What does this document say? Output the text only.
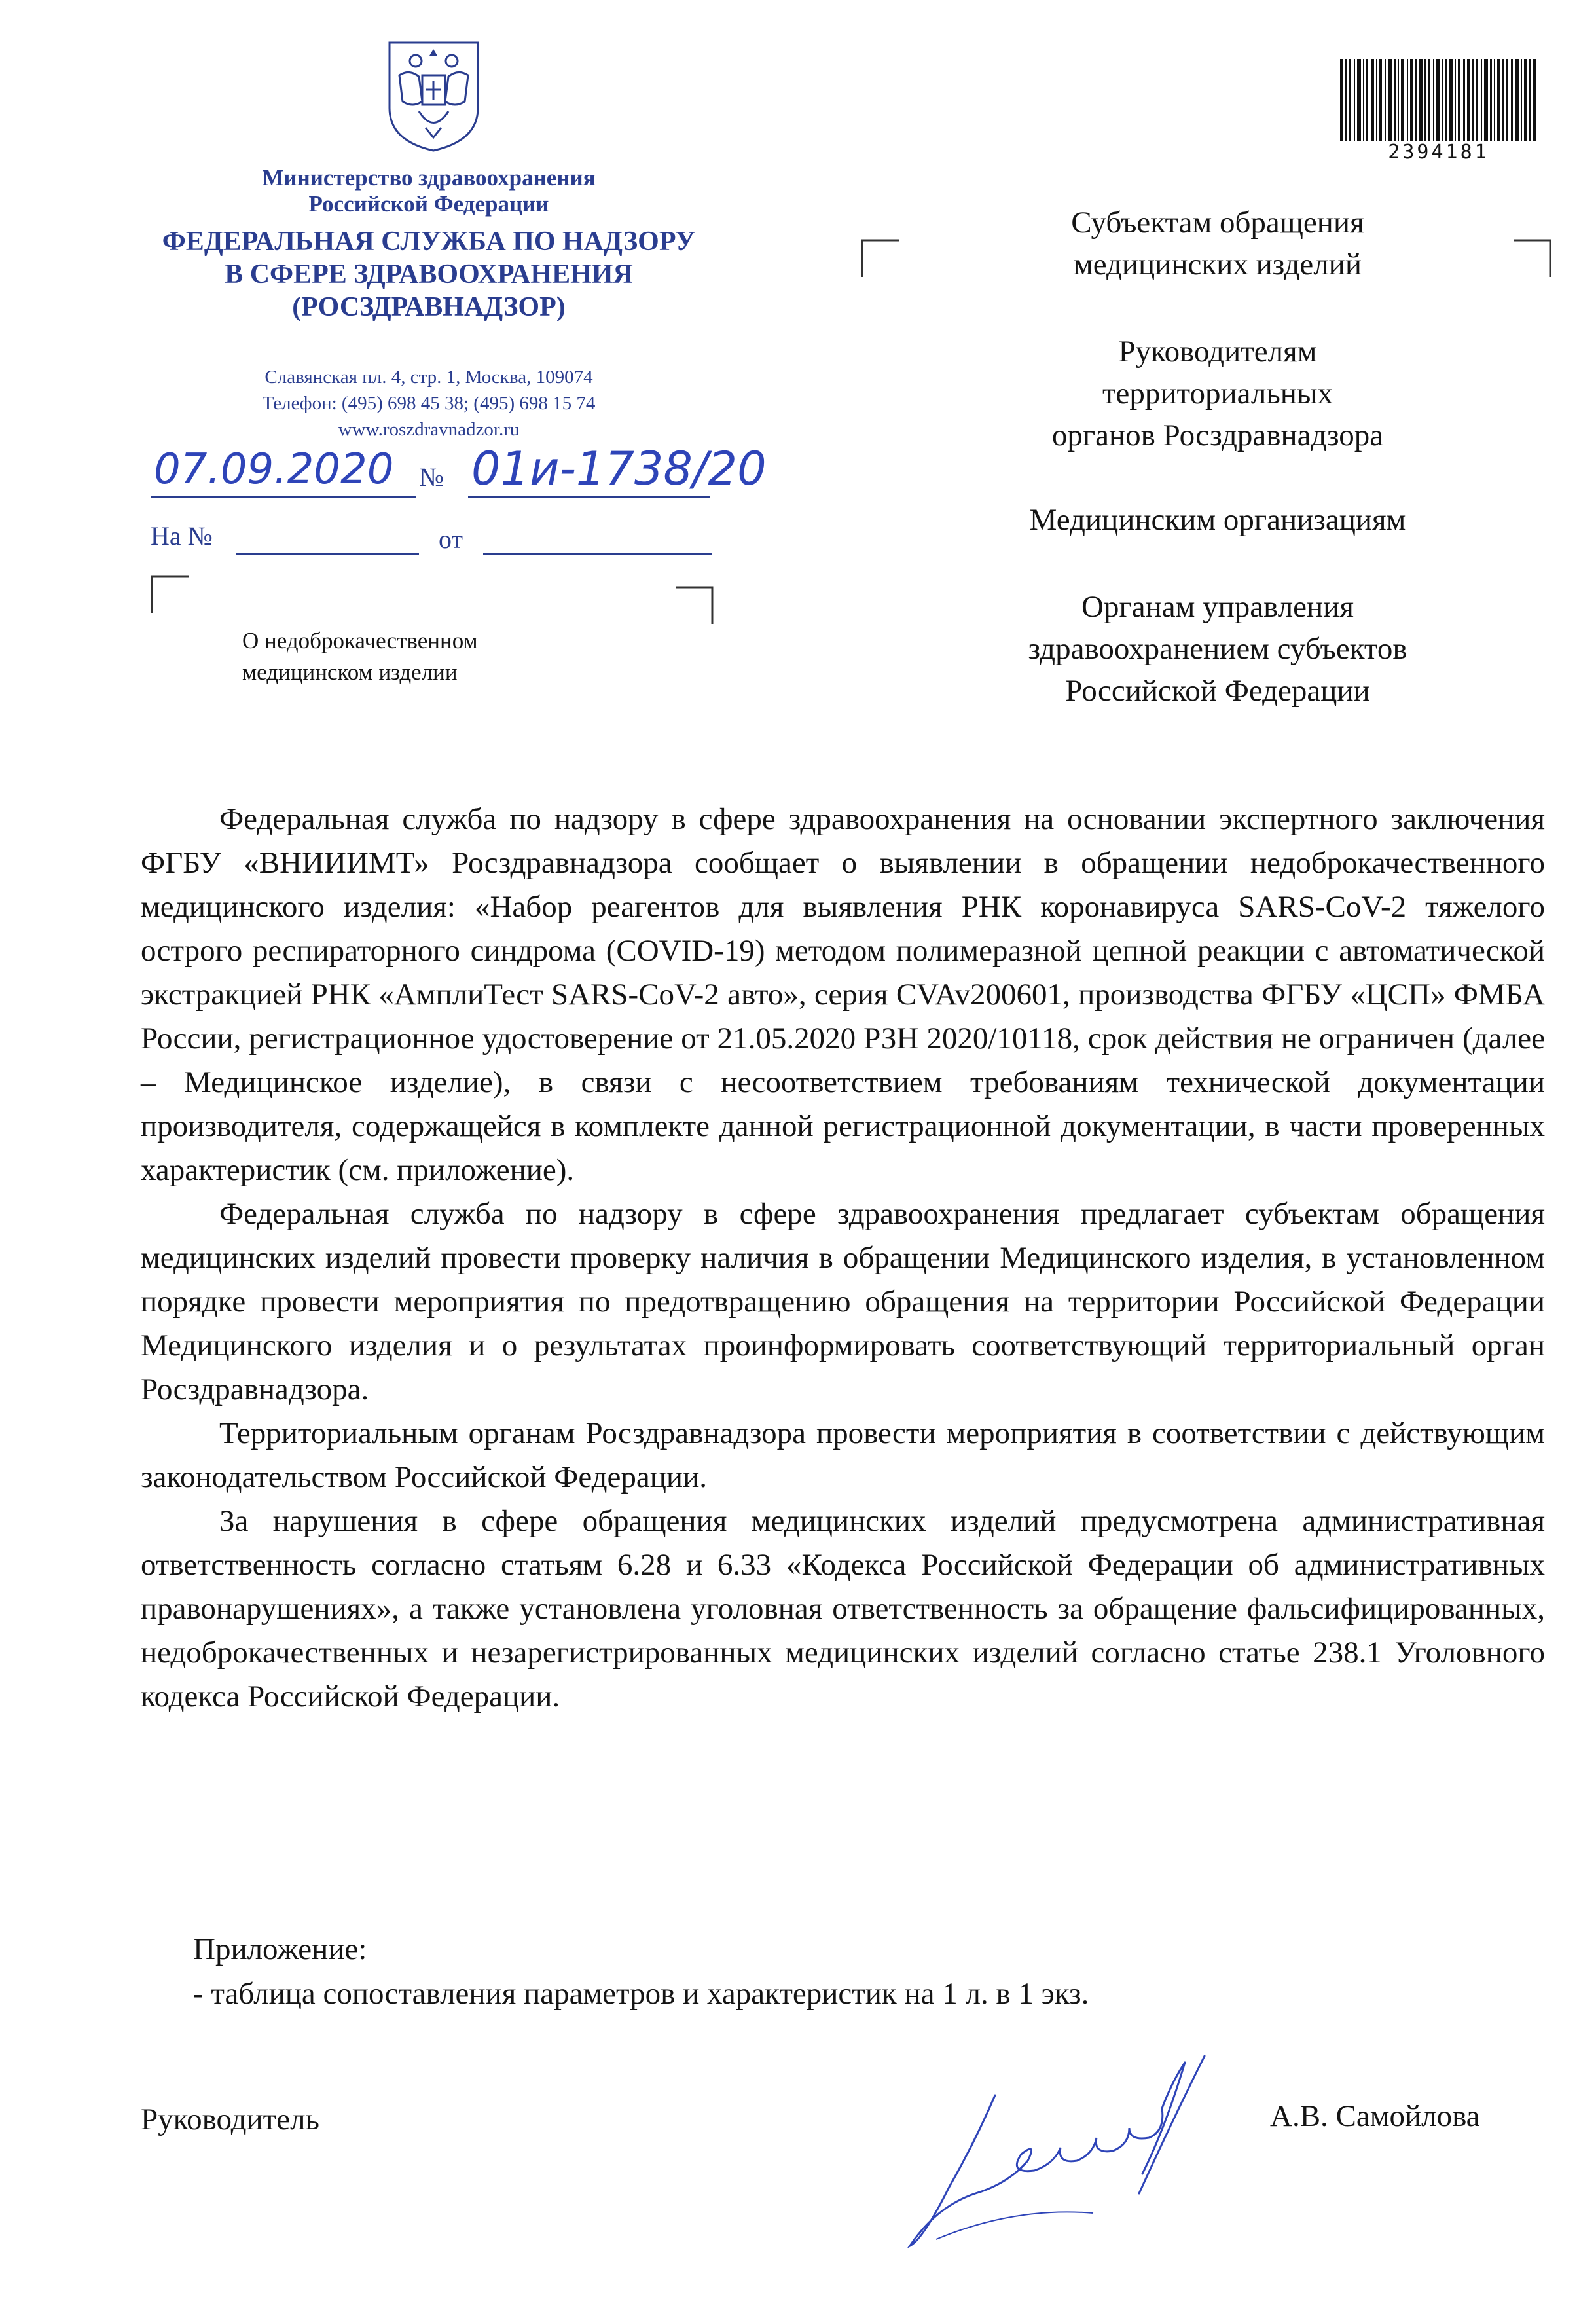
Министерство здравоохранения
Российской Федерации
ФЕДЕРАЛЬНАЯ СЛУЖБА ПО НАДЗОРУ
В СФЕРЕ ЗДРАВООХРАНЕНИЯ
(РОСЗДРАВНАДЗОР)
Славянская пл. 4, стр. 1, Москва, 109074
Телефон: (495) 698 45 38; (495) 698 15 74
www.roszdravnadzor.ru
07.09.2020 № 01и-1738/20
На №	от
О недоброкачественном
медицинском изделии
2394181
Субъектам обращения
медицинских изделий
Руководителям
территориальных
органов Росздравнадзора
Медицинским организациям
Органам управления
здравоохранением субъектов
Российской Федерации

Федеральная служба по надзору в сфере здравоохранения на основании экспертного заключения ФГБУ «ВНИИИМТ» Росздравнадзора сообщает о выявлении в обращении недоброкачественного медицинского изделия: «Набор реагентов для выявления РНК коронавируса SARS-CoV-2 тяжелого острого респираторного синдрома (COVID-19) методом полимеразной цепной реакции с автоматической экстракцией РНК «АмплиТест SARS-CoV-2 авто», серия CVAv200601, производства ФГБУ «ЦСП» ФМБА России, регистрационное удостоверение от 21.05.2020 РЗН 2020/10118, срок действия не ограничен (далее – Медицинское изделие), в связи с несоответствием требованиям технической документации производителя, содержащейся в комплекте данной регистрационной документации, в части проверенных характеристик (см. приложение).

Федеральная служба по надзору в сфере здравоохранения предлагает субъектам обращения медицинских изделий провести проверку наличия в обращении Медицинского изделия, в установленном порядке провести мероприятия по предотвращению обращения на территории Российской Федерации Медицинского изделия и о результатах проинформировать соответствующий территориальный орган Росздравнадзора.

Территориальным органам Росздравнадзора провести мероприятия в соответствии с действующим законодательством Российской Федерации.

За нарушения в сфере обращения медицинских изделий предусмотрена административная ответственность согласно статьям 6.28 и 6.33 «Кодекса Российской Федерации об административных правонарушениях», а также установлена уголовная ответственность за обращение фальсифицированных, недоброкачественных и незарегистрированных медицинских изделий согласно статье 238.1 Уголовного кодекса Российской Федерации.

Приложение:
- таблица сопоставления параметров и характеристик на 1 л. в 1 экз.
Руководитель	А.В. Самойлова
